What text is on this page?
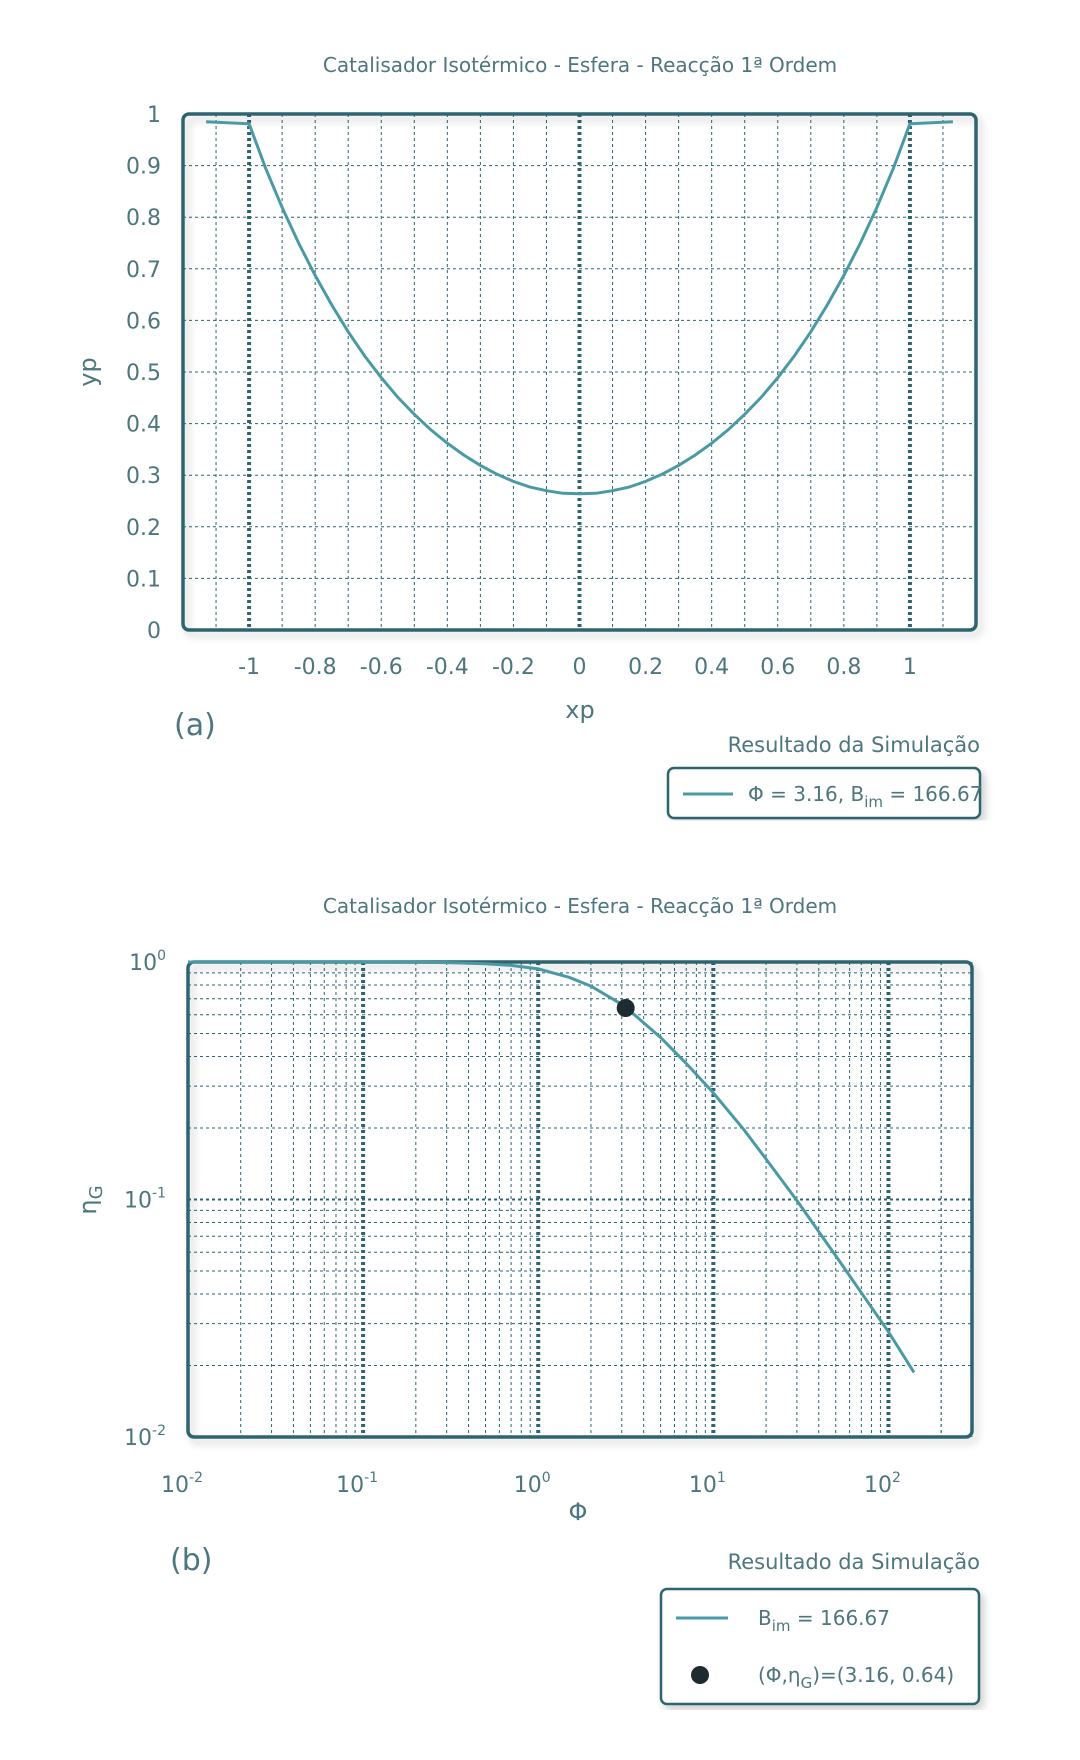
Catalisador Isotérmico - Esfera - Reacção 1ª Ordem
0
0.1
0.2
0.3
0.4
0.5
0.6
0.7
0.8
0.9
1
-1 -0.8 -0.6 -0.4 -0.2 0 0.2 0.4 0.6 0.8 1
xp
yp
(a)
Resultado da Simulação
Φ = 3.16, $B_{im} = 166.67$
Catalisador Isotérmico - Esfera - Reacção 1ª Ordem
$10^0$
$10^{-1}$
$10^{-2}$
$10^{-2}$	$10^{-1}$	$10^0$	$10^1$	$10^2$
Φ
$\eta_G$
(b)	Resultado da Simulação
$B_{im} = 166.67$
$(\Phi,\eta_G)=(3.16$, 0.64)
